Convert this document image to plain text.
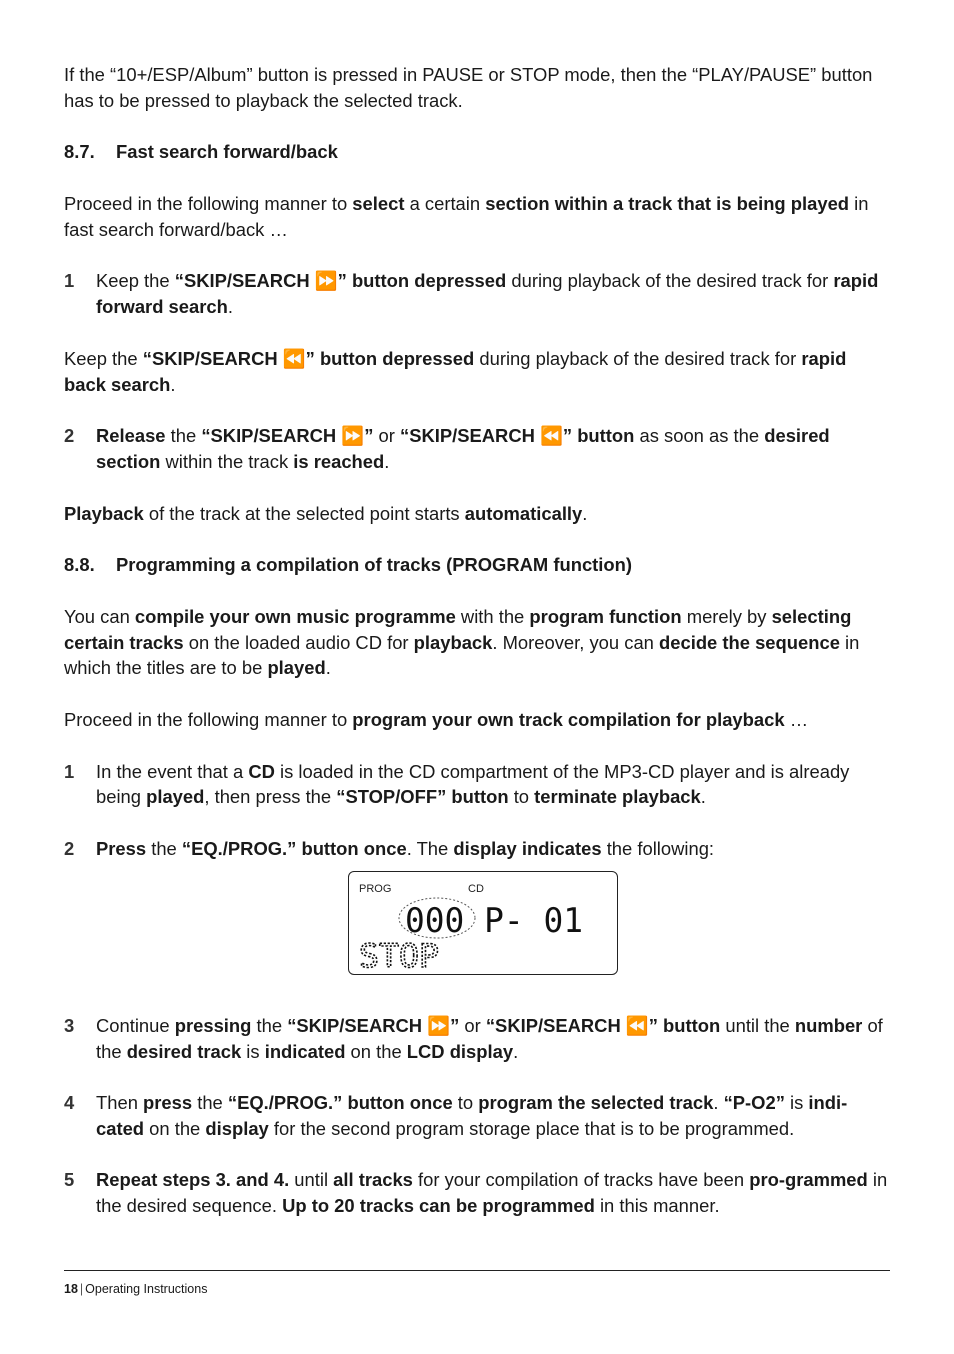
If the “10+/ESP/Album” button is pressed in PAUSE or STOP mode, then the “PLAY/PAUSE” button has to be pressed to playback the selected track.

8.7. Fast search forward/back

Proceed in the following manner to select a certain section within a track that is being played in fast search forward/back …

1	Keep the “SKIP/SEARCH ⏩” button depressed during playback of the desired track for rapid forward search.

Keep the “SKIP/SEARCH ⏪” button depressed during playback of the desired track for rapid back search.

2	Release the “SKIP/SEARCH ⏩” or “SKIP/SEARCH ⏪” button as soon as the desired section within the track is reached.

Playback of the track at the selected point starts automatically.

8.8. Programming a compilation of tracks (PROGRAM function)

You can compile your own music programme with the program function merely by selecting certain tracks on the loaded audio CD for playback. Moreover, you can decide the sequence in which the titles are to be played.

Proceed in the following manner to program your own track compilation for playback …

1	In the event that a CD is loaded in the CD compartment of the MP3-CD player and is already being played, then press the “STOP/OFF” button to terminate playback.
2	Press the “EQ./PROG.” button once. The display indicates the following:
PROG	CD
000 P- 01
STOP
3	Continue pressing the “SKIP/SEARCH ⏩” or “SKIP/SEARCH ⏪” button until the number of the desired track is indicated on the LCD display.
4	Then press the “EQ./PROG.” button once to program the selected track. “P-O2” is indi-cated on the display for the second program storage place that is to be programmed.
5	Repeat steps 3. and 4. until all tracks for your compilation of tracks have been pro-grammed in the desired sequence. Up to 20 tracks can be programmed in this manner.
18 | Operating Instructions
